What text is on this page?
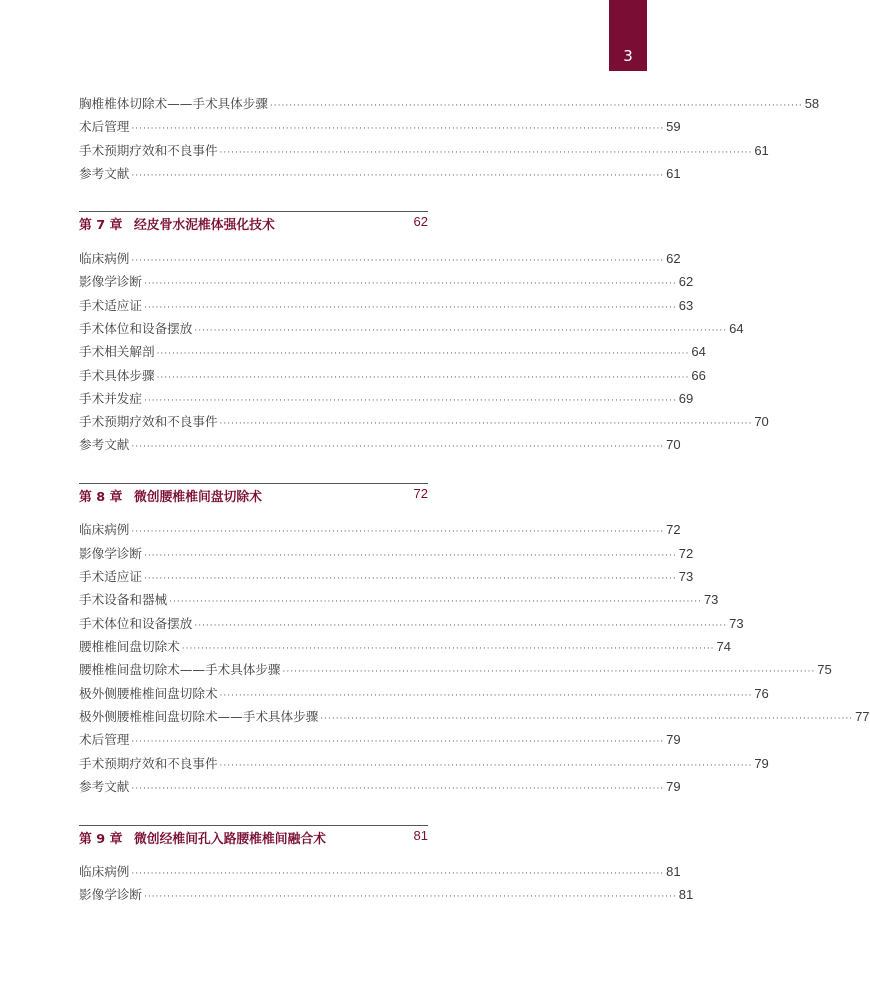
3
胸椎椎体切除术——手术具体步骤 ·········································································································································· 58
术后管理 ·········································································································································· 59
手术预期疗效和不良事件 ·········································································································································· 61
参考文献 ·········································································································································· 61
第 7 章 经皮骨水泥椎体强化技术	62
临床病例 ·········································································································································· 62
影像学诊断 ·········································································································································· 62
手术适应证 ·········································································································································· 63
手术体位和设备摆放 ·········································································································································· 64
手术相关解剖 ·········································································································································· 64
手术具体步骤 ·········································································································································· 66
手术并发症 ·········································································································································· 69
手术预期疗效和不良事件 ·········································································································································· 70
参考文献 ·········································································································································· 70
第 8 章 微创腰椎椎间盘切除术	72
临床病例 ·········································································································································· 72
影像学诊断 ·········································································································································· 72
手术适应证 ·········································································································································· 73
手术设备和器械 ·········································································································································· 73
手术体位和设备摆放 ·········································································································································· 73
腰椎椎间盘切除术 ·········································································································································· 74
腰椎椎间盘切除术——手术具体步骤 ·········································································································································· 75
极外侧腰椎椎间盘切除术 ·········································································································································· 76
极外侧腰椎椎间盘切除术——手术具体步骤 ·········································································································································· 77
术后管理 ·········································································································································· 79
手术预期疗效和不良事件 ·········································································································································· 79
参考文献 ·········································································································································· 79
第 9 章 微创经椎间孔入路腰椎椎间融合术	81
临床病例 ·········································································································································· 81
影像学诊断 ·········································································································································· 81
